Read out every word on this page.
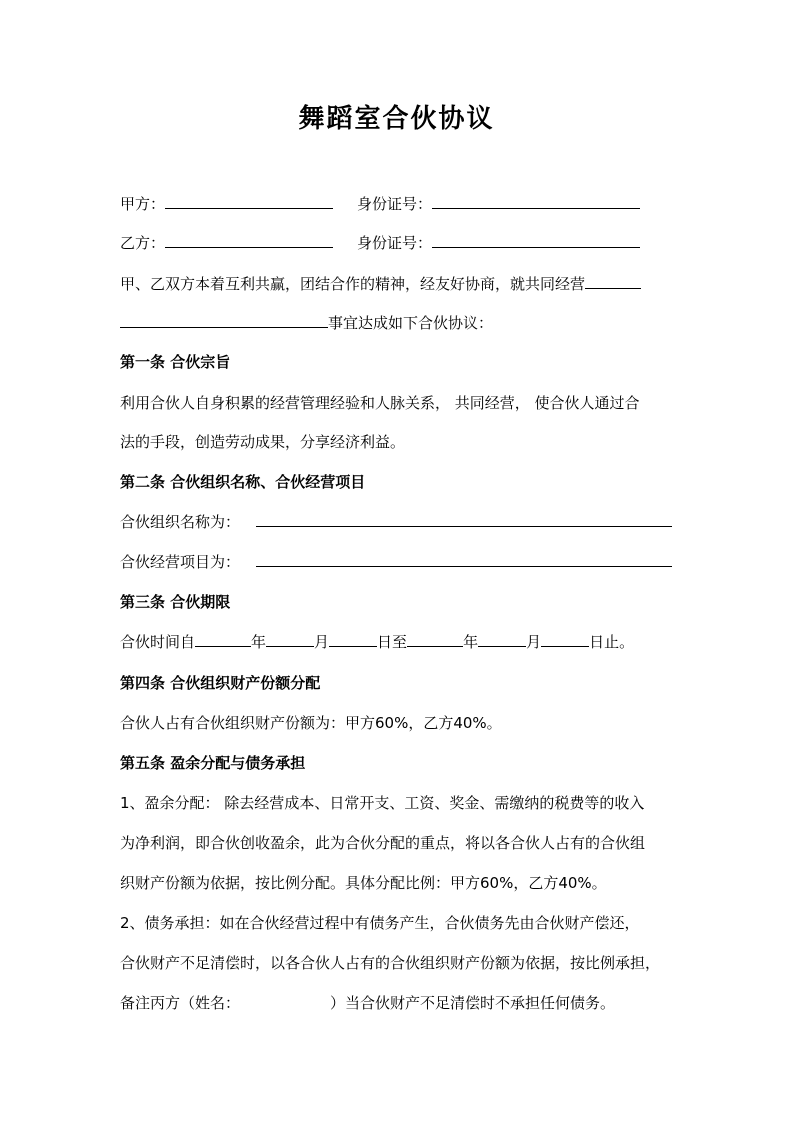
舞蹈室合伙协议
甲方：	身份证号：
乙方：	身份证号：
甲、乙双方本着互利共赢，团结合作的精神，经友好协商，就共同经营
事宜达成如下合伙协议：
第一条 合伙宗旨
利用合伙人自身积累的经营管理经验和人脉关系， 共同经营， 使合伙人通过合
法的手段，创造劳动成果，分享经济利益。
第二条 合伙组织名称、合伙经营项目
合伙组织名称为：
合伙经营项目为：
第三条 合伙期限
合伙时间自	年	月	日至	年	月	日止。
第四条 合伙组织财产份额分配
合伙人占有合伙组织财产份额为：甲方60%，乙方40%。
第五条 盈余分配与债务承担
1、盈余分配： 除去经营成本、日常开支、工资、奖金、需缴纳的税费等的收入
为净利润，即合伙创收盈余，此为合伙分配的重点，将以各合伙人占有的合伙组
织财产份额为依据，按比例分配。具体分配比例：甲方60%，乙方40%。
2、债务承担：如在合伙经营过程中有债务产生，合伙债务先由合伙财产偿还，
合伙财产不足清偿时，以各合伙人占有的合伙组织财产份额为依据，按比例承担，
备注丙方（姓名：	）当合伙财产不足清偿时不承担任何债务。
